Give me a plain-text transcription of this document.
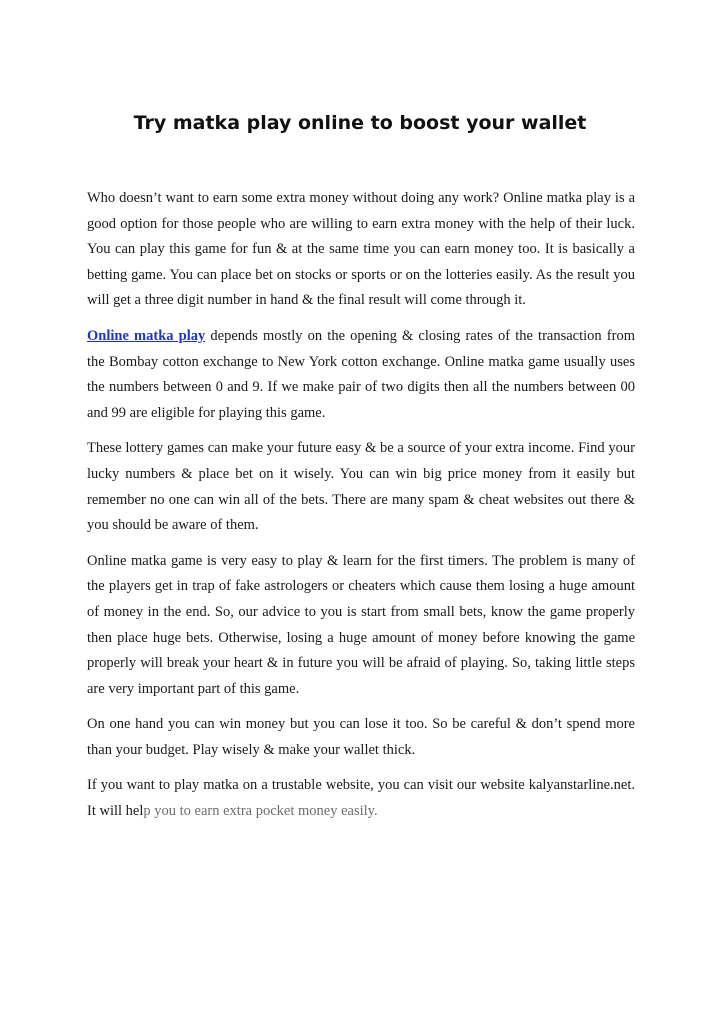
Try matka play online to boost your wallet

Who doesn’t want to earn some extra money without doing any work? Online matka play is a good option for those people who are willing to earn extra money with the help of their luck. You can play this game for fun & at the same time you can earn money too. It is basically a betting game. You can place bet on stocks or sports or on the lotteries easily. As the result you will get a three digit number in hand & the final result will come through it.

Online matka play depends mostly on the opening & closing rates of the transaction from the Bombay cotton exchange to New York cotton exchange. Online matka game usually uses the numbers between 0 and 9. If we make pair of two digits then all the numbers between 00 and 99 are eligible for playing this game.

These lottery games can make your future easy & be a source of your extra income. Find your lucky numbers & place bet on it wisely. You can win big price money from it easily but remember no one can win all of the bets. There are many spam & cheat websites out there & you should be aware of them.

Online matka game is very easy to play & learn for the first timers. The problem is many of the players get in trap of fake astrologers or cheaters which cause them losing a huge amount of money in the end. So, our advice to you is start from small bets, know the game properly then place huge bets. Otherwise, losing a huge amount of money before knowing the game properly will break your heart & in future you will be afraid of playing. So, taking little steps are very important part of this game.

On one hand you can win money but you can lose it too. So be careful & don’t spend more than your budget. Play wisely & make your wallet thick.

If you want to play matka on a trustable website, you can visit our website kalyanstarline.net. It will help you to earn extra pocket money easily.
